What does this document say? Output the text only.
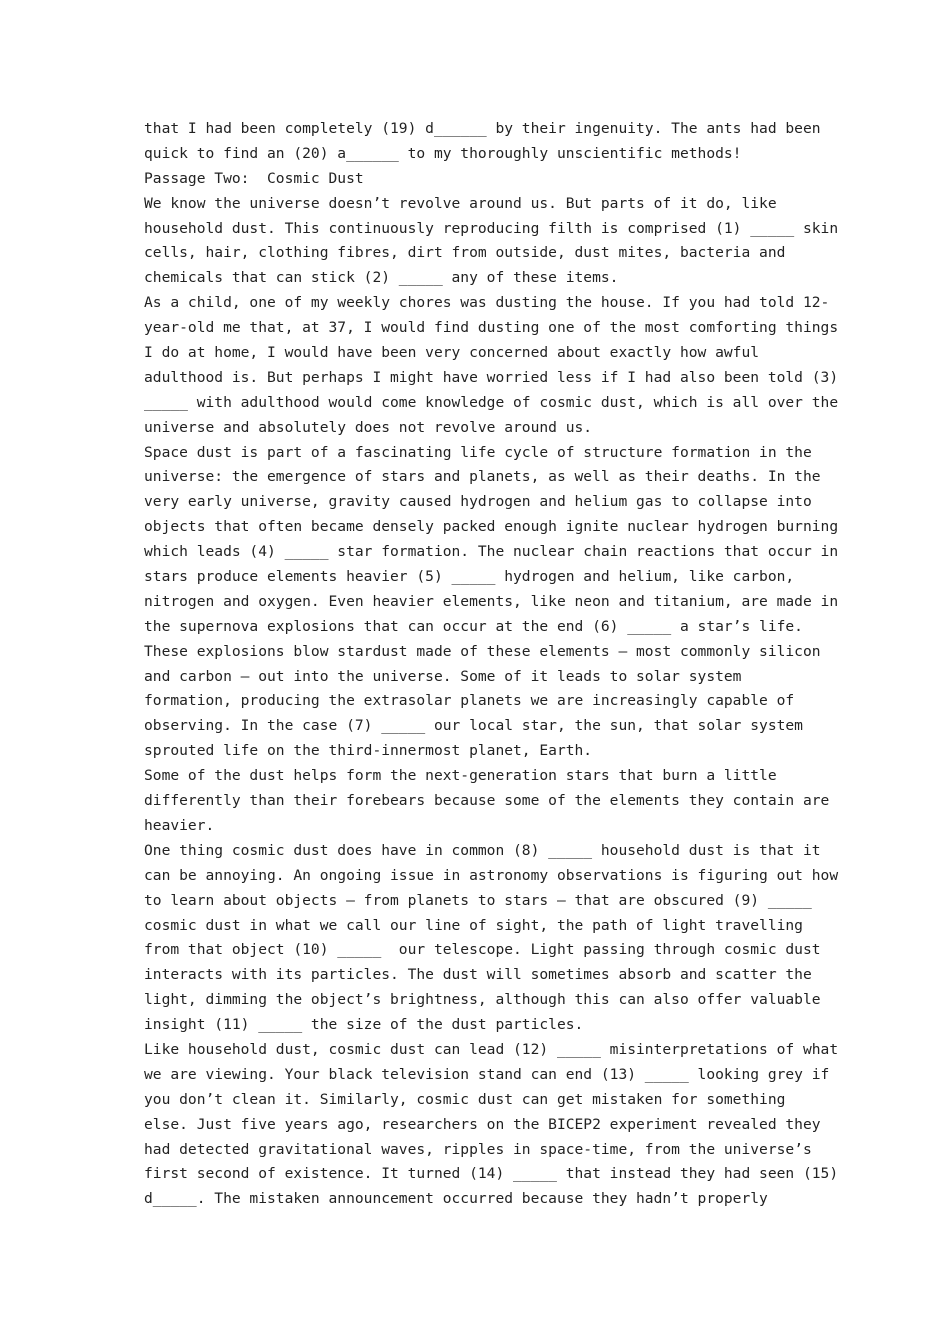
that I had been completely (19) d______ by their ingenuity. The ants had been
quick to find an (20) a______ to my thoroughly unscientific methods!
Passage Two:  Cosmic Dust
We know the universe doesn’t revolve around us. But parts of it do, like
household dust. This continuously reproducing filth is comprised (1) _____ skin
cells, hair, clothing fibres, dirt from outside, dust mites, bacteria and
chemicals that can stick (2) _____ any of these items.
As a child, one of my weekly chores was dusting the house. If you had told 12-
year-old me that, at 37, I would find dusting one of the most comforting things
I do at home, I would have been very concerned about exactly how awful
adulthood is. But perhaps I might have worried less if I had also been told (3)
_____ with adulthood would come knowledge of cosmic dust, which is all over the
universe and absolutely does not revolve around us.
Space dust is part of a fascinating life cycle of structure formation in the
universe: the emergence of stars and planets, as well as their deaths. In the
very early universe, gravity caused hydrogen and helium gas to collapse into
objects that often became densely packed enough ignite nuclear hydrogen burning
which leads (4) _____ star formation. The nuclear chain reactions that occur in
stars produce elements heavier (5) _____ hydrogen and helium, like carbon,
nitrogen and oxygen. Even heavier elements, like neon and titanium, are made in
the supernova explosions that can occur at the end (6) _____ a star’s life.
These explosions blow stardust made of these elements – most commonly silicon
and carbon – out into the universe. Some of it leads to solar system
formation, producing the extrasolar planets we are increasingly capable of
observing. In the case (7) _____ our local star, the sun, that solar system
sprouted life on the third-innermost planet, Earth.
Some of the dust helps form the next-generation stars that burn a little
differently than their forebears because some of the elements they contain are
heavier.
One thing cosmic dust does have in common (8) _____ household dust is that it
can be annoying. An ongoing issue in astronomy observations is figuring out how
to learn about objects – from planets to stars – that are obscured (9) _____
cosmic dust in what we call our line of sight, the path of light travelling
from that object (10) _____  our telescope. Light passing through cosmic dust
interacts with its particles. The dust will sometimes absorb and scatter the
light, dimming the object’s brightness, although this can also offer valuable
insight (11) _____ the size of the dust particles.
Like household dust, cosmic dust can lead (12) _____ misinterpretations of what
we are viewing. Your black television stand can end (13) _____ looking grey if
you don’t clean it. Similarly, cosmic dust can get mistaken for something
else. Just five years ago, researchers on the BICEP2 experiment revealed they
had detected gravitational waves, ripples in space-time, from the universe’s
first second of existence. It turned (14) _____ that instead they had seen (15)
d_____. The mistaken announcement occurred because they hadn’t properly
